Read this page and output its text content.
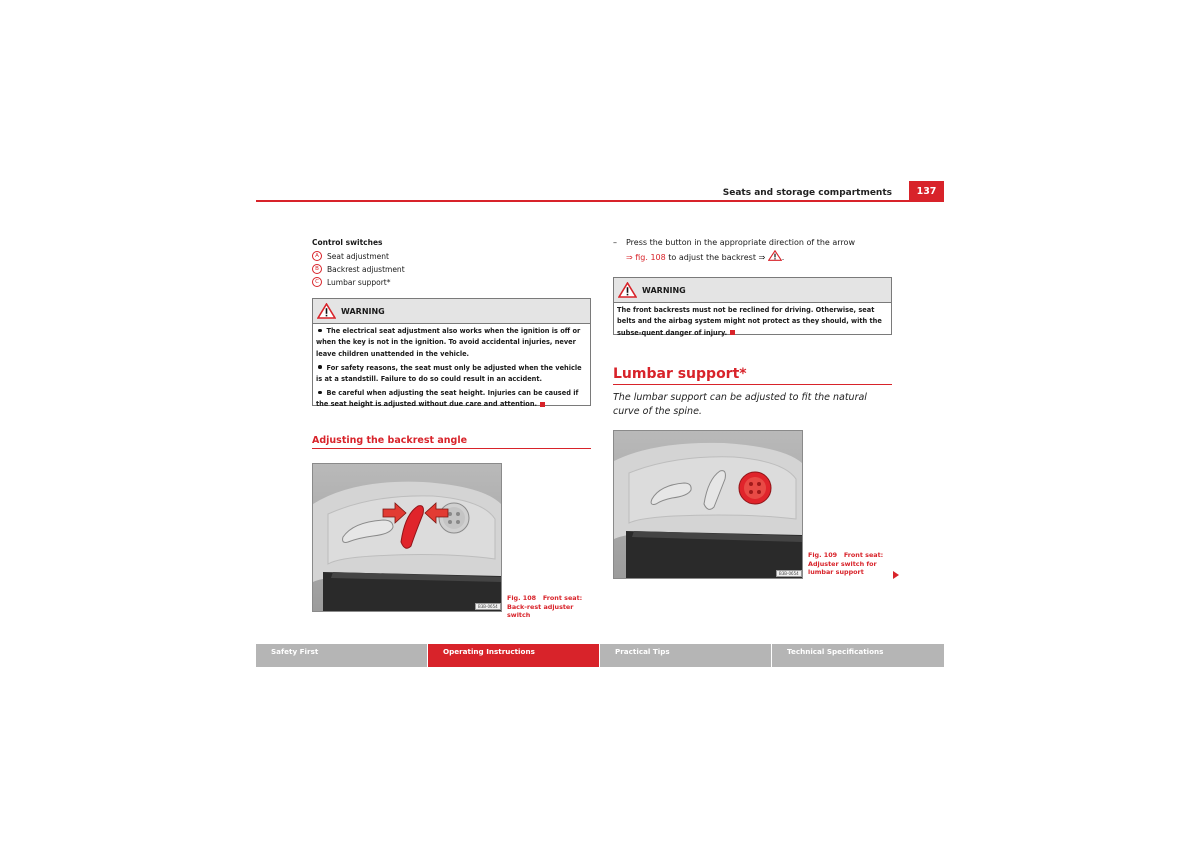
Seats and storage compartments	137
Control switches
A	Seat adjustment
B	Backrest adjustment
C	Lumbar support*
WARNING

The electrical seat adjustment also works when the ignition is off or when the key is not in the ignition. To avoid accidental injuries, never leave children unattended in the vehicle.

For safety reasons, the seat must only be adjusted when the vehicle is at a standstill. Failure to do so could result in an accident.

Be careful when adjusting the seat height. Injuries can be caused if the seat height is adjusted without due care and attention.

Adjusting the backrest angle
B3B-0654
Fig. 108 Front seat: Back-rest adjuster switch
–	Press the button in the appropriate direction of the arrow
⇒ fig. 108 to adjust the backrest ⇒ .
WARNING
The front backrests must not be reclined for driving. Otherwise, seat belts and the airbag system might not protect as they should, with the subse-quent danger of injury.
Lumbar support*
The lumbar support can be adjusted to fit the natural curve of the spine.
B3B-0654
Fig. 109 Front seat: Adjuster switch for lumbar support
Safety First	Operating Instructions	Practical Tips	Technical Specifications
